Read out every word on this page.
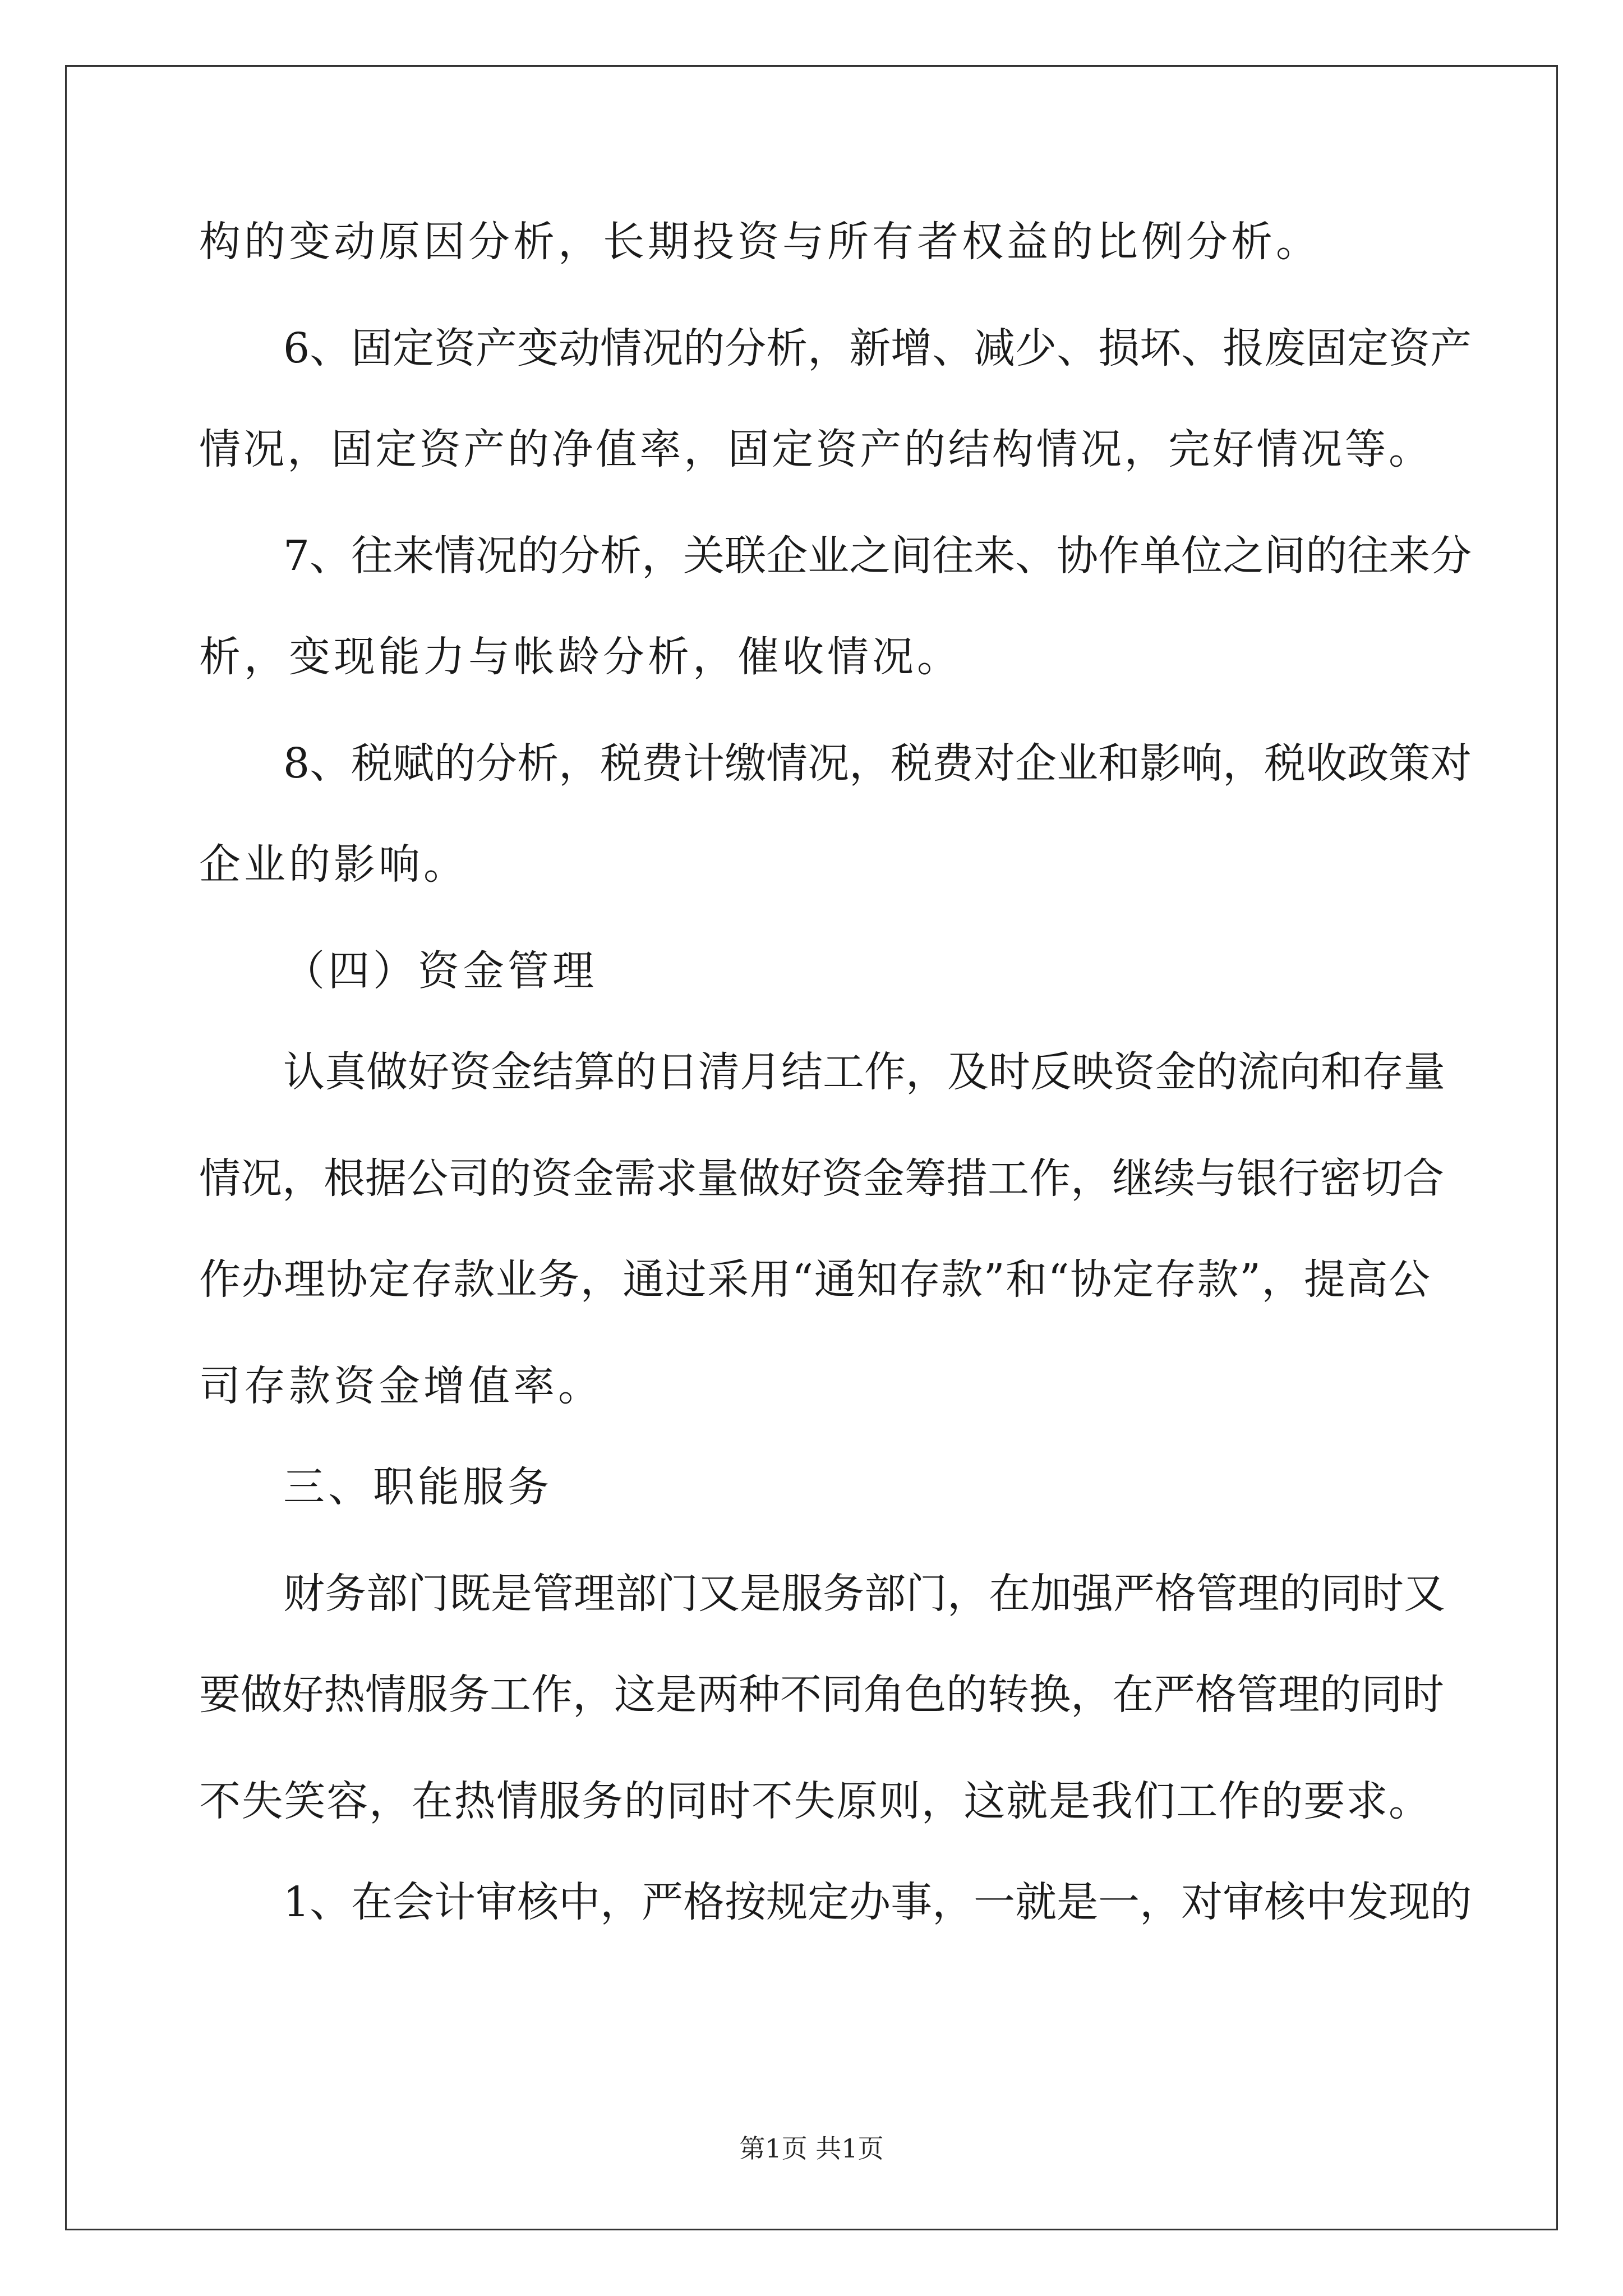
构的变动原因分析，长期投资与所有者权益的比例分析。
6、固定资产变动情况的分析，新增、减少、损坏、报废固定资产
情况，固定资产的净值率，固定资产的结构情况，完好情况等。
7、往来情况的分析，关联企业之间往来、协作单位之间的往来分
析，变现能力与帐龄分析，催收情况。
8、税赋的分析，税费计缴情况，税费对企业和影响，税收政策对
企业的影响。
（四）资金管理
认真做好资金结算的日清月结工作，及时反映资金的流向和存量
情况，根据公司的资金需求量做好资金筹措工作，继续与银行密切合
作办理协定存款业务，通过采用“通知存款”和“协定存款”，提高公
司存款资金增值率。
三、职能服务
财务部门既是管理部门又是服务部门，在加强严格管理的同时又
要做好热情服务工作，这是两种不同角色的转换，在严格管理的同时
不失笑容，在热情服务的同时不失原则，这就是我们工作的要求。
1、在会计审核中，严格按规定办事，一就是一，对审核中发现的
第1页 共1页
